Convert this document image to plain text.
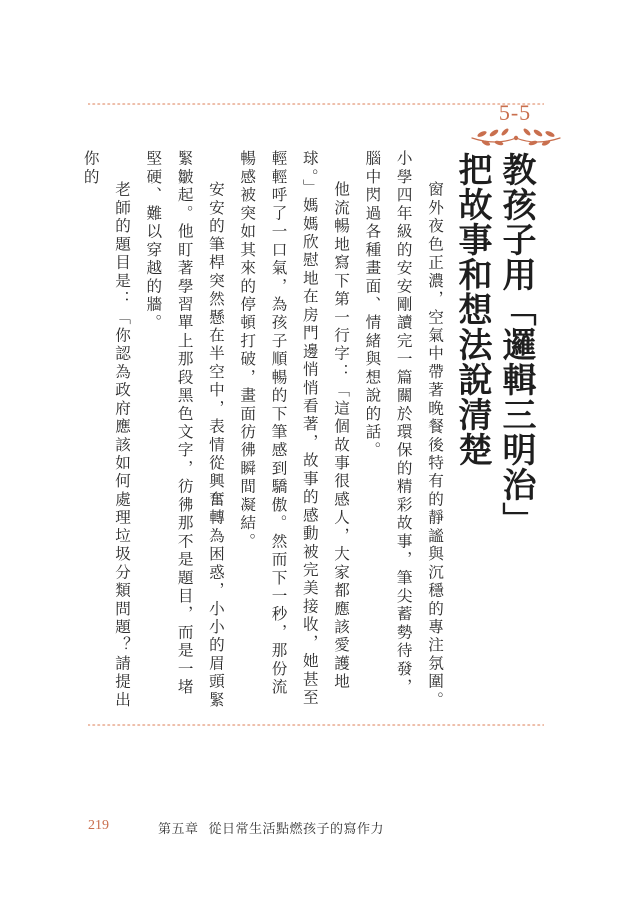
5-5
教孩子用「邏輯三明治」
把故事和想法說清楚

窗外夜色正濃，空氣中帶著晚餐後特有的靜謐與沉穩的專注氛圍。小學四年級的安安剛讀完一篇關於環保的精彩故事，筆尖蓄勢待發，腦中閃過各種畫面、情緒與想說的話。

他流暢地寫下第一行字：「這個故事很感人，大家都應該愛護地球。」媽媽欣慰地在房門邊悄悄看著，故事的感動被完美接收，她甚至輕輕呼了一口氣，為孩子順暢的下筆感到驕傲。然而下一秒，那份流暢感被突如其來的停頓打破，畫面彷彿瞬間凝結。

安安的筆桿突然懸在半空中，表情從興奮轉為困惑，小小的眉頭緊緊皺起。他盯著學習單上那段黑色文字，彷彿那不是題目，而是一堵堅硬、難以穿越的牆。

老師的題目是：「你認為政府應該如何處理垃圾分類問題？請提出你的

219	第五章 從日常生活點燃孩子的寫作力
